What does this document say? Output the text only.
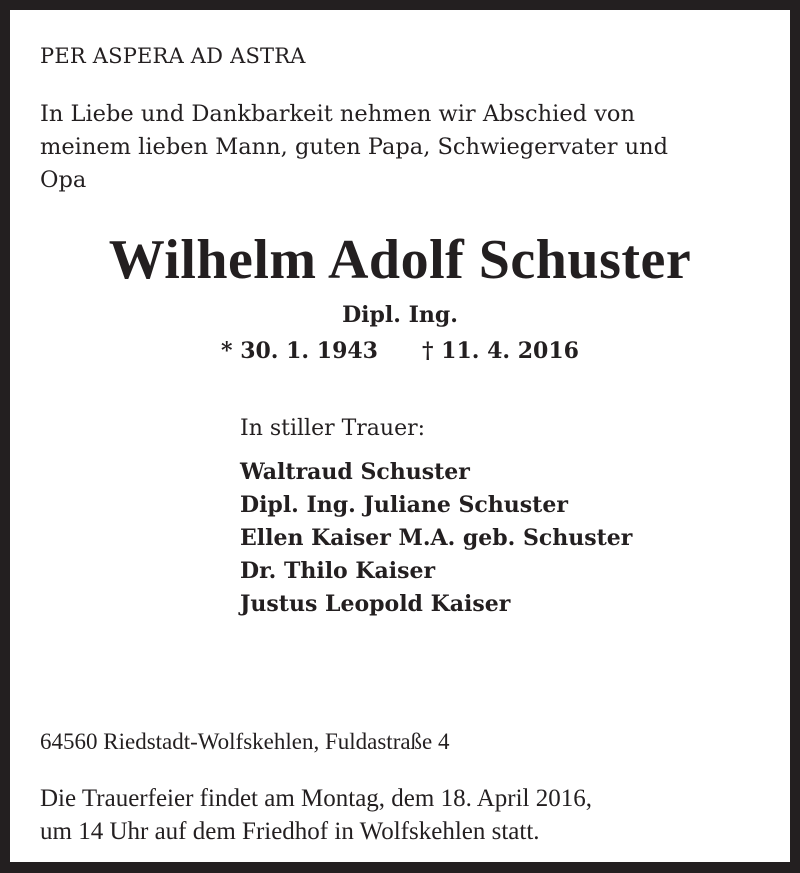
PER ASPERA AD ASTRA
In Liebe und Dankbarkeit nehmen wir Abschied von
meinem lieben Mann, guten Papa, Schwiegervater und
Opa
Wilhelm Adolf Schuster
Dipl. Ing.
* 30. 1. 1943 † 11. 4. 2016
In stiller Trauer:
Waltraud Schuster
Dipl. Ing. Juliane Schuster
Ellen Kaiser M.A. geb. Schuster
Dr. Thilo Kaiser
Justus Leopold Kaiser
64560 Riedstadt-Wolfskehlen, Fuldastraße 4
Die Trauerfeier findet am Montag, dem 18. April 2016,
um 14 Uhr auf dem Friedhof in Wolfskehlen statt.
